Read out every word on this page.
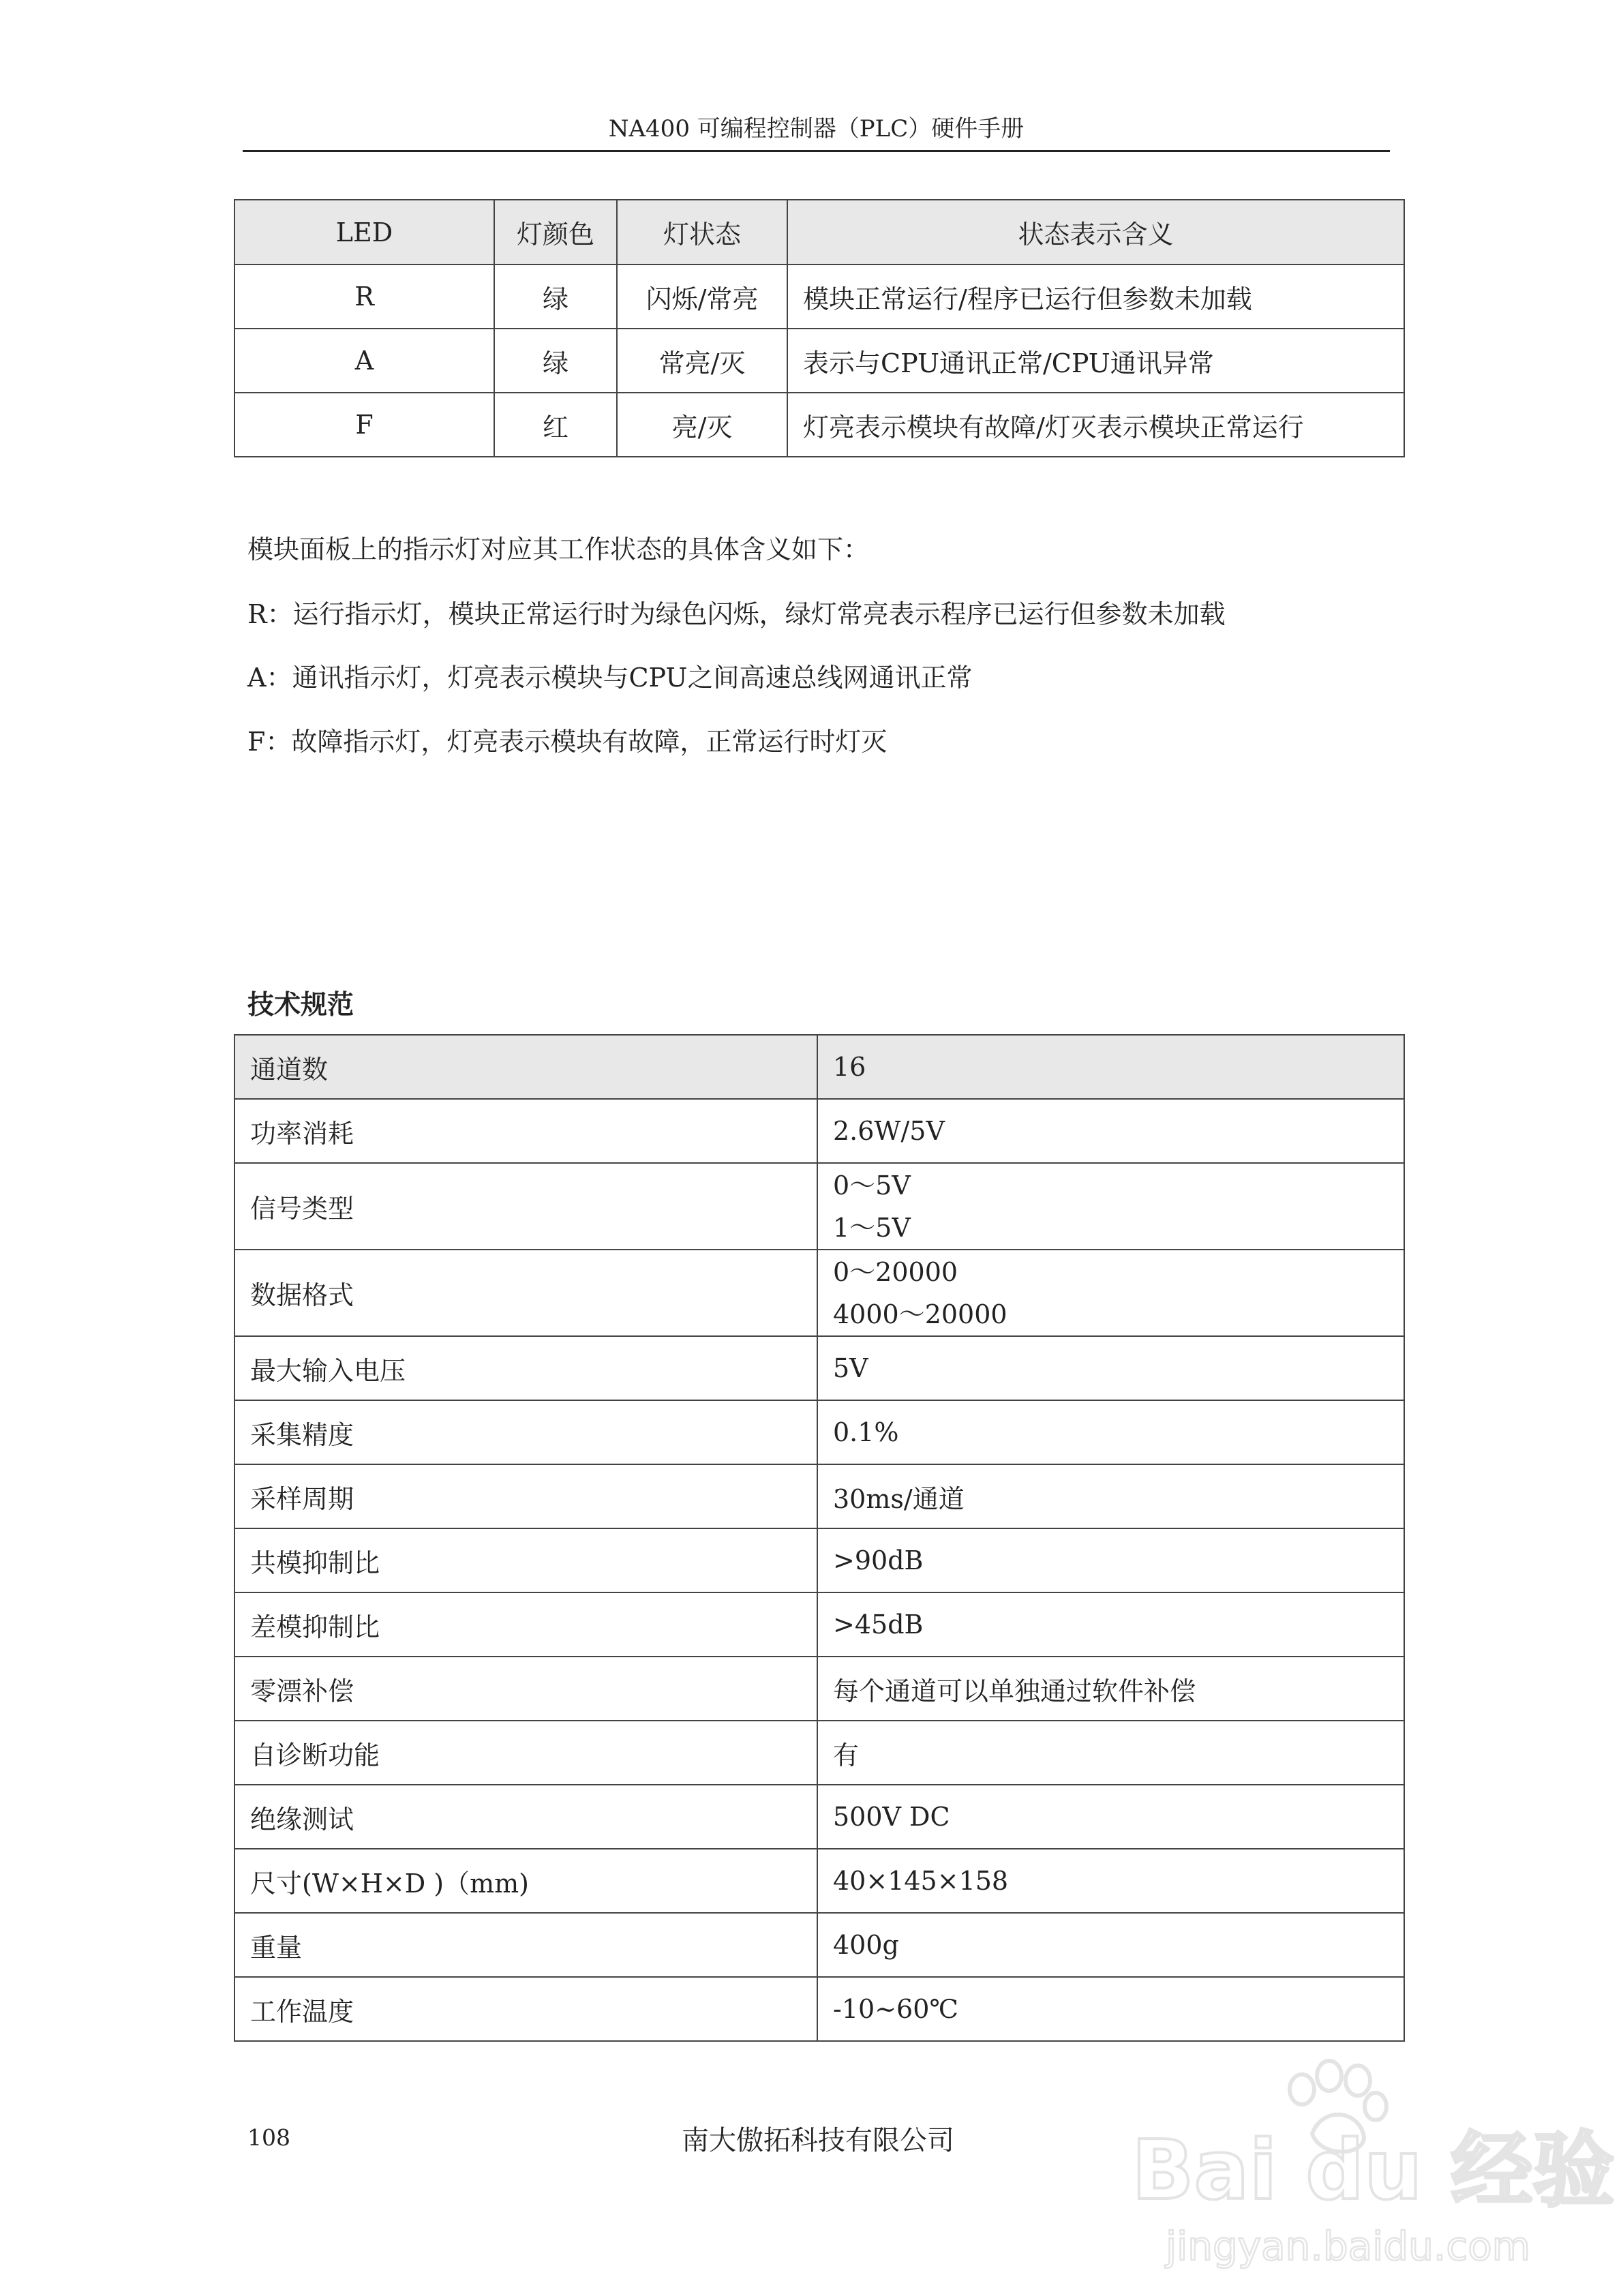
NA400 可编程控制器（PLC）硬件手册
LED	灯颜色	灯状态	状态表示含义
R	绿	闪烁/常亮	模块正常运行/程序已运行但参数未加载
A	绿	常亮/灭	表示与CPU通讯正常/CPU通讯异常
F	红	亮/灭	灯亮表示模块有故障/灯灭表示模块正常运行
模块面板上的指示灯对应其工作状态的具体含义如下：
R：运行指示灯，模块正常运行时为绿色闪烁，绿灯常亮表示程序已运行但参数未加载
A：通讯指示灯，灯亮表示模块与CPU之间高速总线网通讯正常
F：故障指示灯，灯亮表示模块有故障，正常运行时灯灭
技术规范
通道数	16
功率消耗	2.6W/5V
信号类型	0～5V
1～5V

数据格式	0～20000
4000～20000

最大输入电压	5V
采集精度	0.1%
采样周期	30ms/通道
共模抑制比	>90dB
差模抑制比	>45dB
零漂补偿	每个通道可以单独通过软件补偿
自诊断功能	有
绝缘测试	500V DC
尺寸(W×H×D )（mm)	40×145×158
重量	400g
工作温度	-10~60℃
108	南大傲拓科技有限公司	Bai du 经验
jingyan.baidu.com
